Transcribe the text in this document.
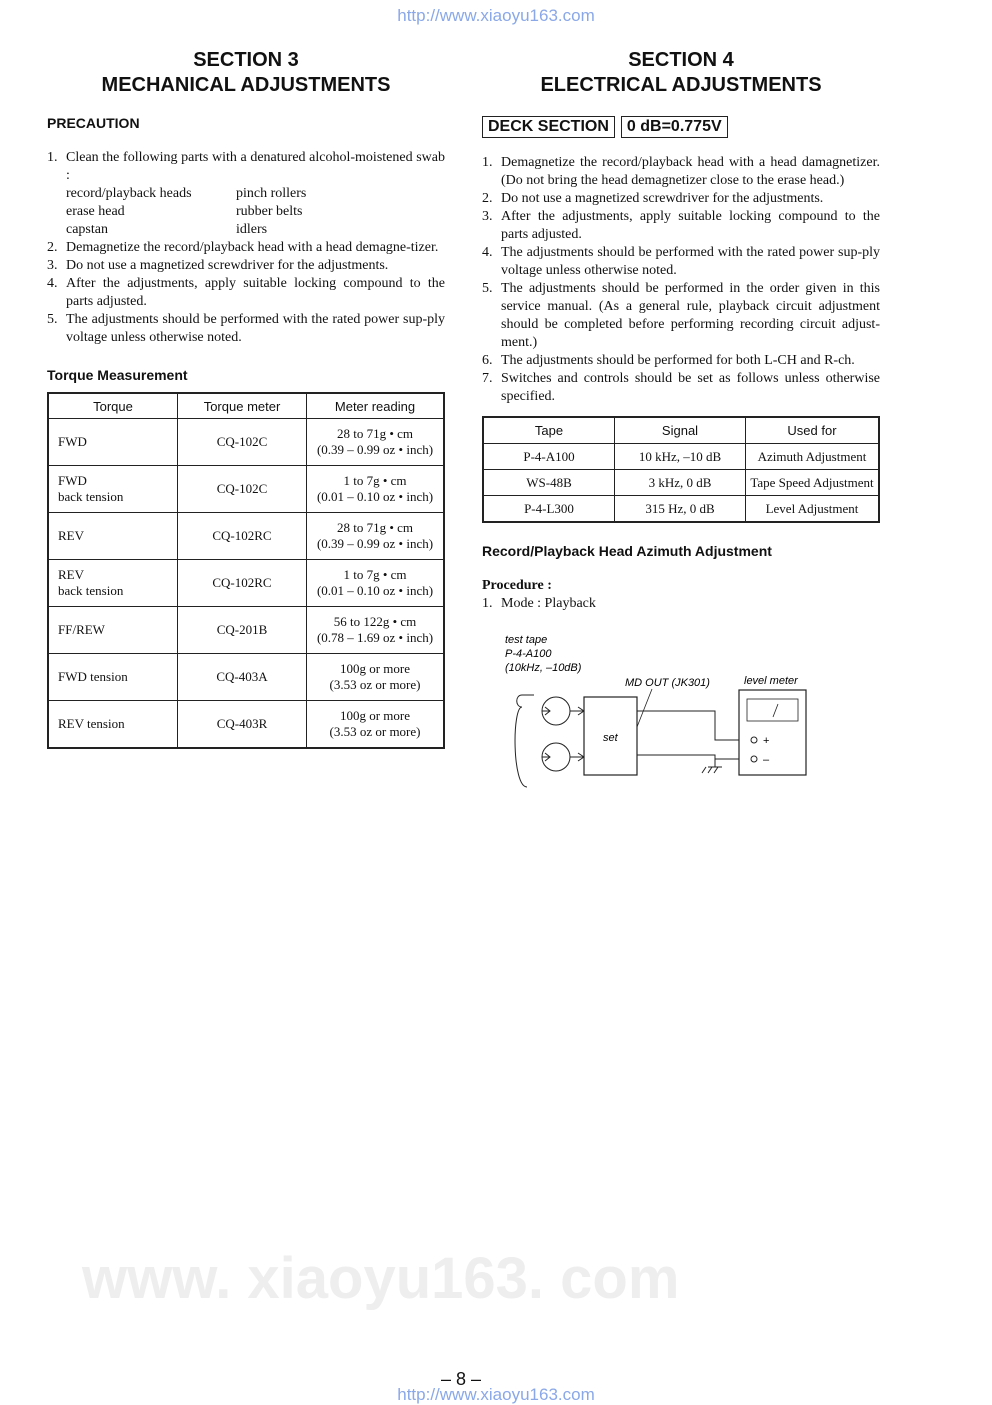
www. xiaoyu163. com
http://www.xiaoyu163.com
SECTION 3
MECHANICAL ADJUSTMENTS

PRECAUTION

1. Clean the following parts with a denatured alcohol-moistened swab :
record/playback heads	pinch rollers
erase head	rubber belts
capstan	idlers
2. Demagnetize the record/playback head with a head demagne-tizer.
3. Do not use a magnetized screwdriver for the adjustments.
4. After the adjustments, apply suitable locking compound to the parts adjusted.
5. The adjustments should be performed with the rated power sup-ply voltage unless otherwise noted.

Torque Measurement

Torque	Torque meter	Meter reading
FWD	CQ-102C	28 to 71g • cm
(0.39 – 0.99 oz • inch)
FWD
back tension	CQ-102C	1 to 7g • cm
(0.01 – 0.10 oz • inch)
REV	CQ-102RC	28 to 71g • cm
(0.39 – 0.99 oz • inch)
REV
back tension	CQ-102RC	1 to 7g • cm
(0.01 – 0.10 oz • inch)
FF/REW	CQ-201B	56 to 122g • cm
(0.78 – 1.69 oz • inch)
FWD tension	CQ-403A	100g or more
(3.53 oz or more)
REV tension	CQ-403R	100g or more
(3.53 oz or more)
SECTION 4
ELECTRICAL ADJUSTMENTS
DECK SECTION	0 dB=0.775V
1. Demagnetize the record/playback head with a head damagnetizer. (Do not bring the head demagnetizer close to the erase head.)
2. Do not use a magnetized screwdriver for the adjustments.
3. After the adjustments, apply suitable locking compound to the parts adjusted.
4. The adjustments should be performed with the rated power sup-ply voltage unless otherwise noted.
5. The adjustments should be performed in the order given in this service manual. (As a general rule, playback circuit adjustment should be completed before performing recording circuit adjust-ment.)
6. The adjustments should be performed for both L-CH and R-ch.
7. Switches and controls should be set as follows unless otherwise specified.
Tape	Signal	Used for
P-4-A100	10 kHz, –10 dB	Azimuth Adjustment
WS-48B	3 kHz, 0 dB	Tape Speed Adjustment
P-4-L300	315 Hz, 0 dB	Level Adjustment

Record/Playback Head Azimuth Adjustment

Procedure :

1. Mode : Playback
test tape
P-4-A100
(10kHz, –10dB)
MD OUT (JK301)	level meter
set	+
–
– 8 –
http://www.xiaoyu163.com
